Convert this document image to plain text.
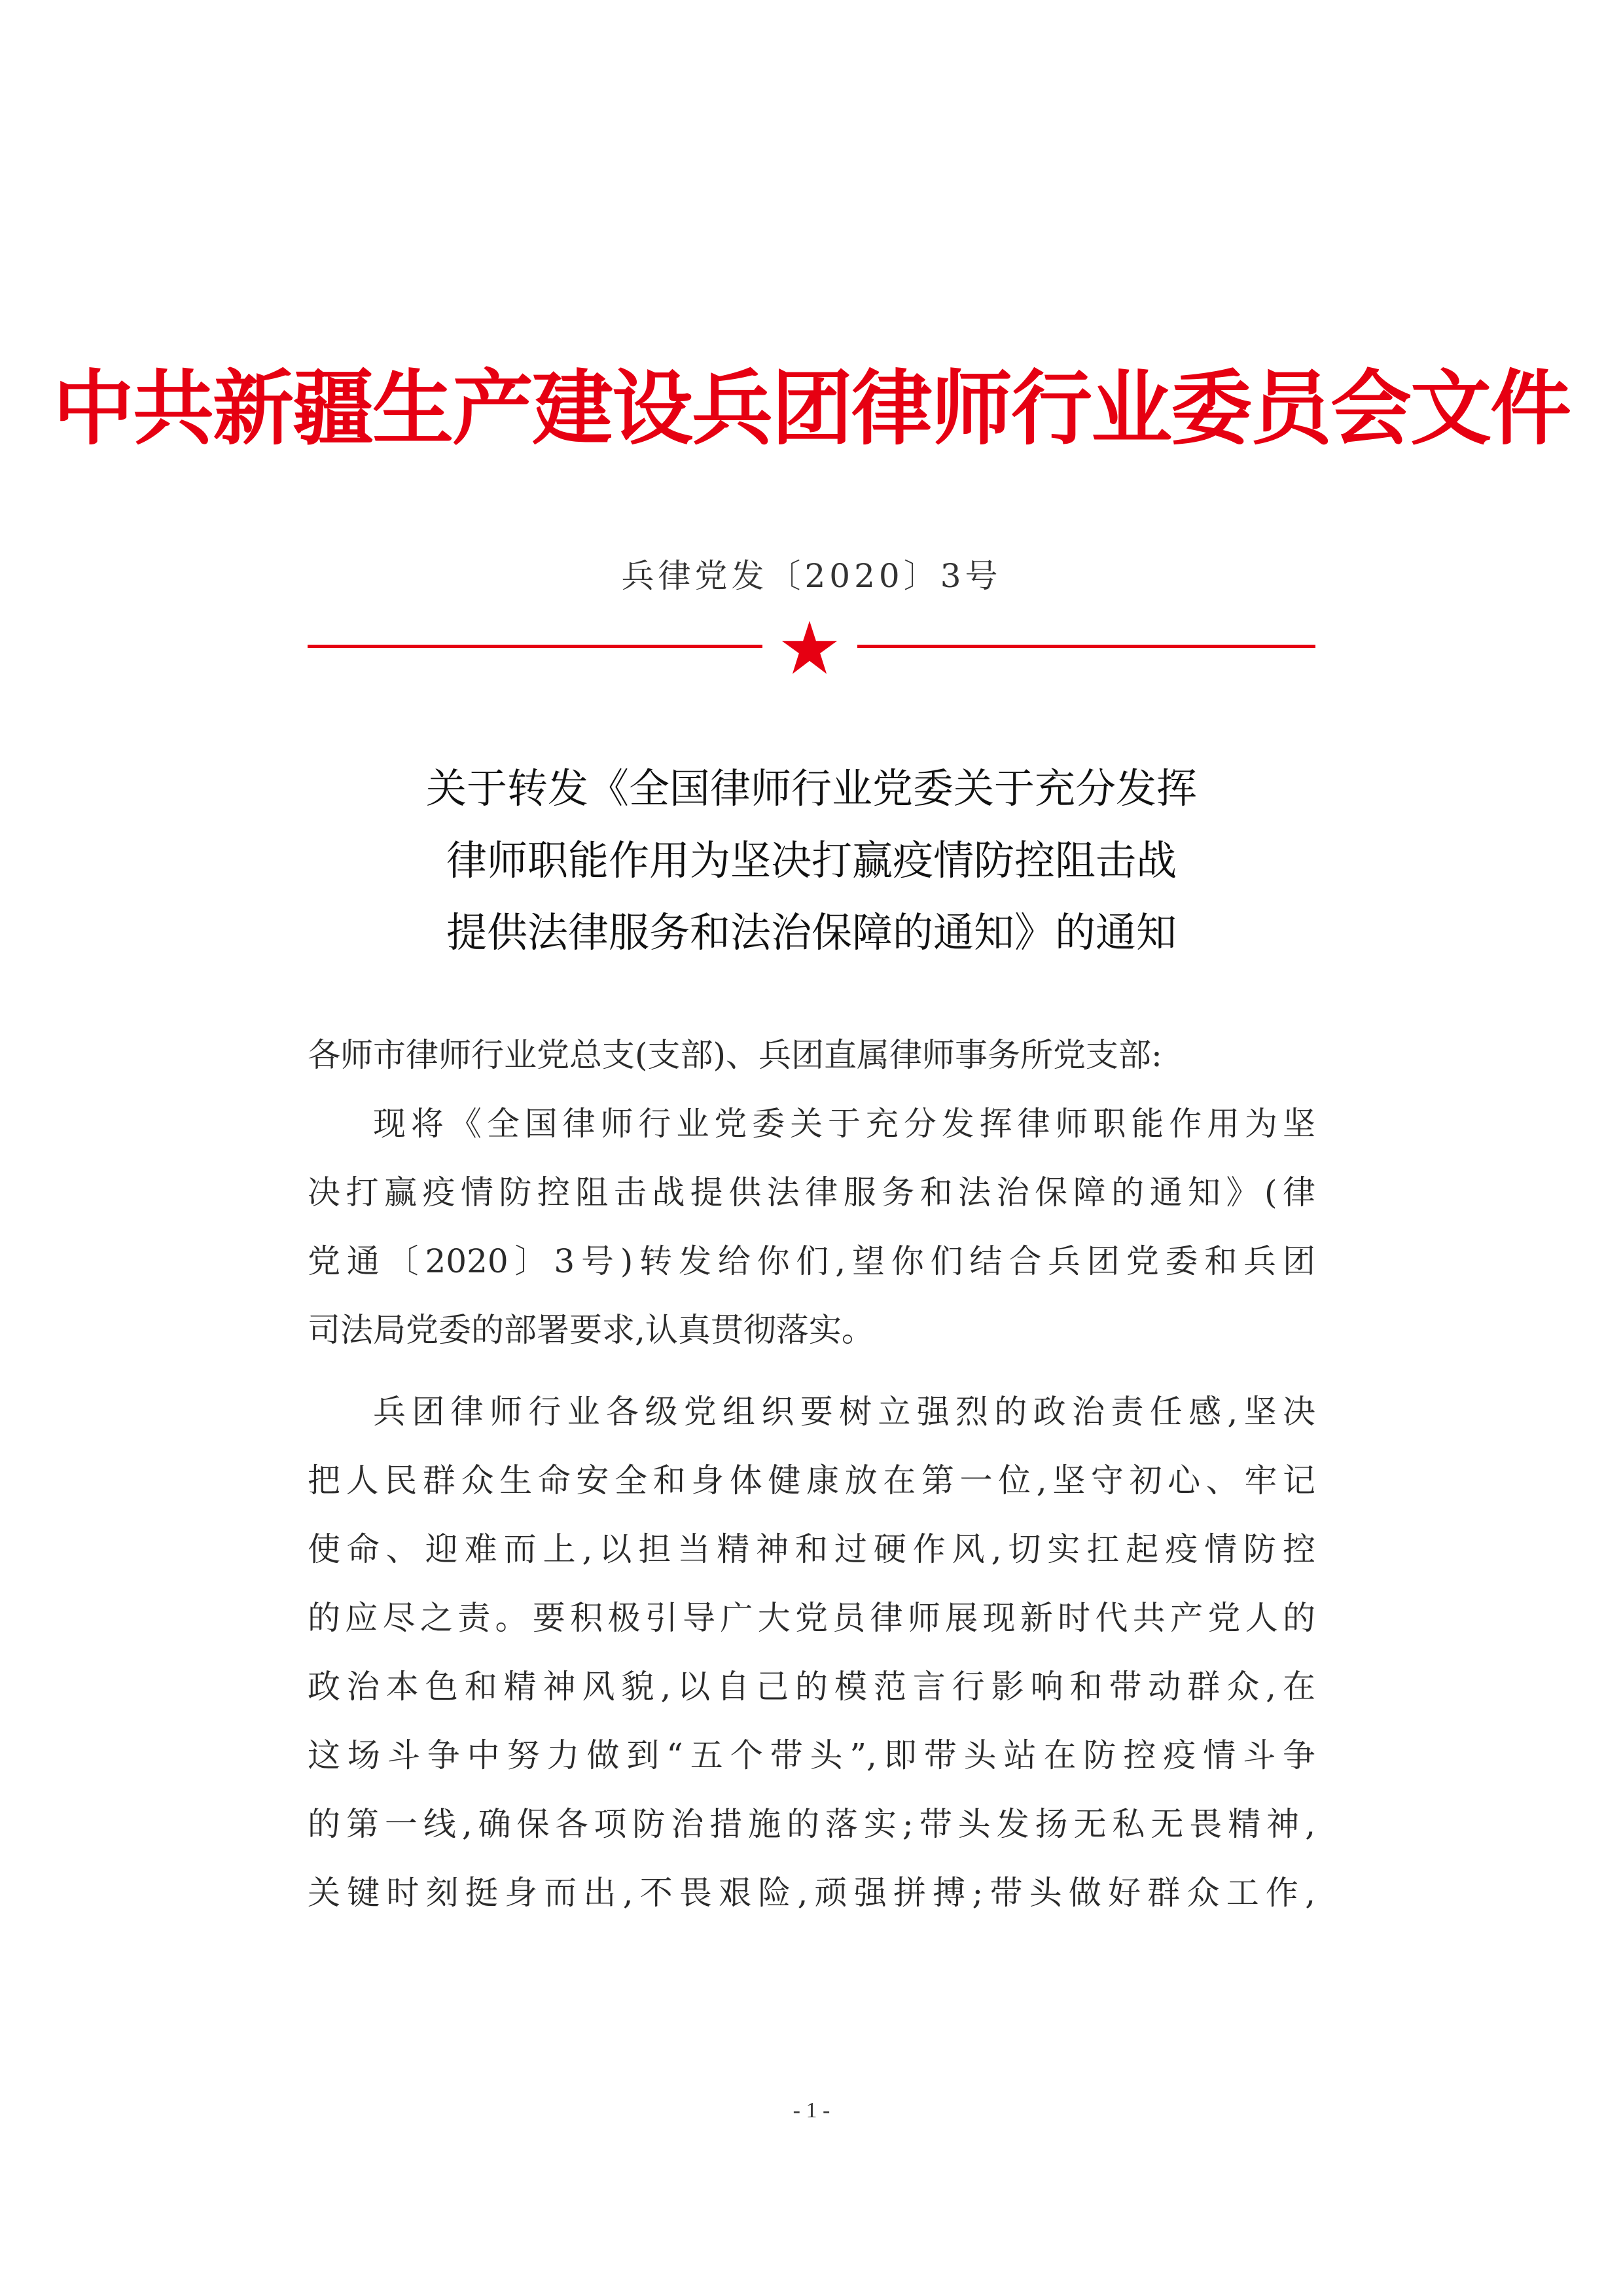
中共新疆生产建设兵团律师行业委员会文件
兵律党发〔2020〕3号
关于转发《全国律师行业党委关于充分发挥
律师职能作用为坚决打赢疫情防控阻击战
提供法律服务和法治保障的通知》的通知
各师市律师行业党总支(支部)、兵团直属律师事务所党支部:
现将《全国律师行业党委关于充分发挥律师职能作用为坚
决打赢疫情防控阻击战提供法律服务和法治保障的通知》(律
党通〔2020〕3号)转发给你们,望你们结合兵团党委和兵团
司法局党委的部署要求,认真贯彻落实。
兵团律师行业各级党组织要树立强烈的政治责任感,坚决
把人民群众生命安全和身体健康放在第一位,坚守初心、牢记
使命、迎难而上,以担当精神和过硬作风,切实扛起疫情防控
的应尽之责。要积极引导广大党员律师展现新时代共产党人的
政治本色和精神风貌,以自己的模范言行影响和带动群众,在
这场斗争中努力做到“五个带头”,即带头站在防控疫情斗争
的第一线,确保各项防治措施的落实;带头发扬无私无畏精神,
关键时刻挺身而出,不畏艰险,顽强拼搏;带头做好群众工作,
- 1 -
